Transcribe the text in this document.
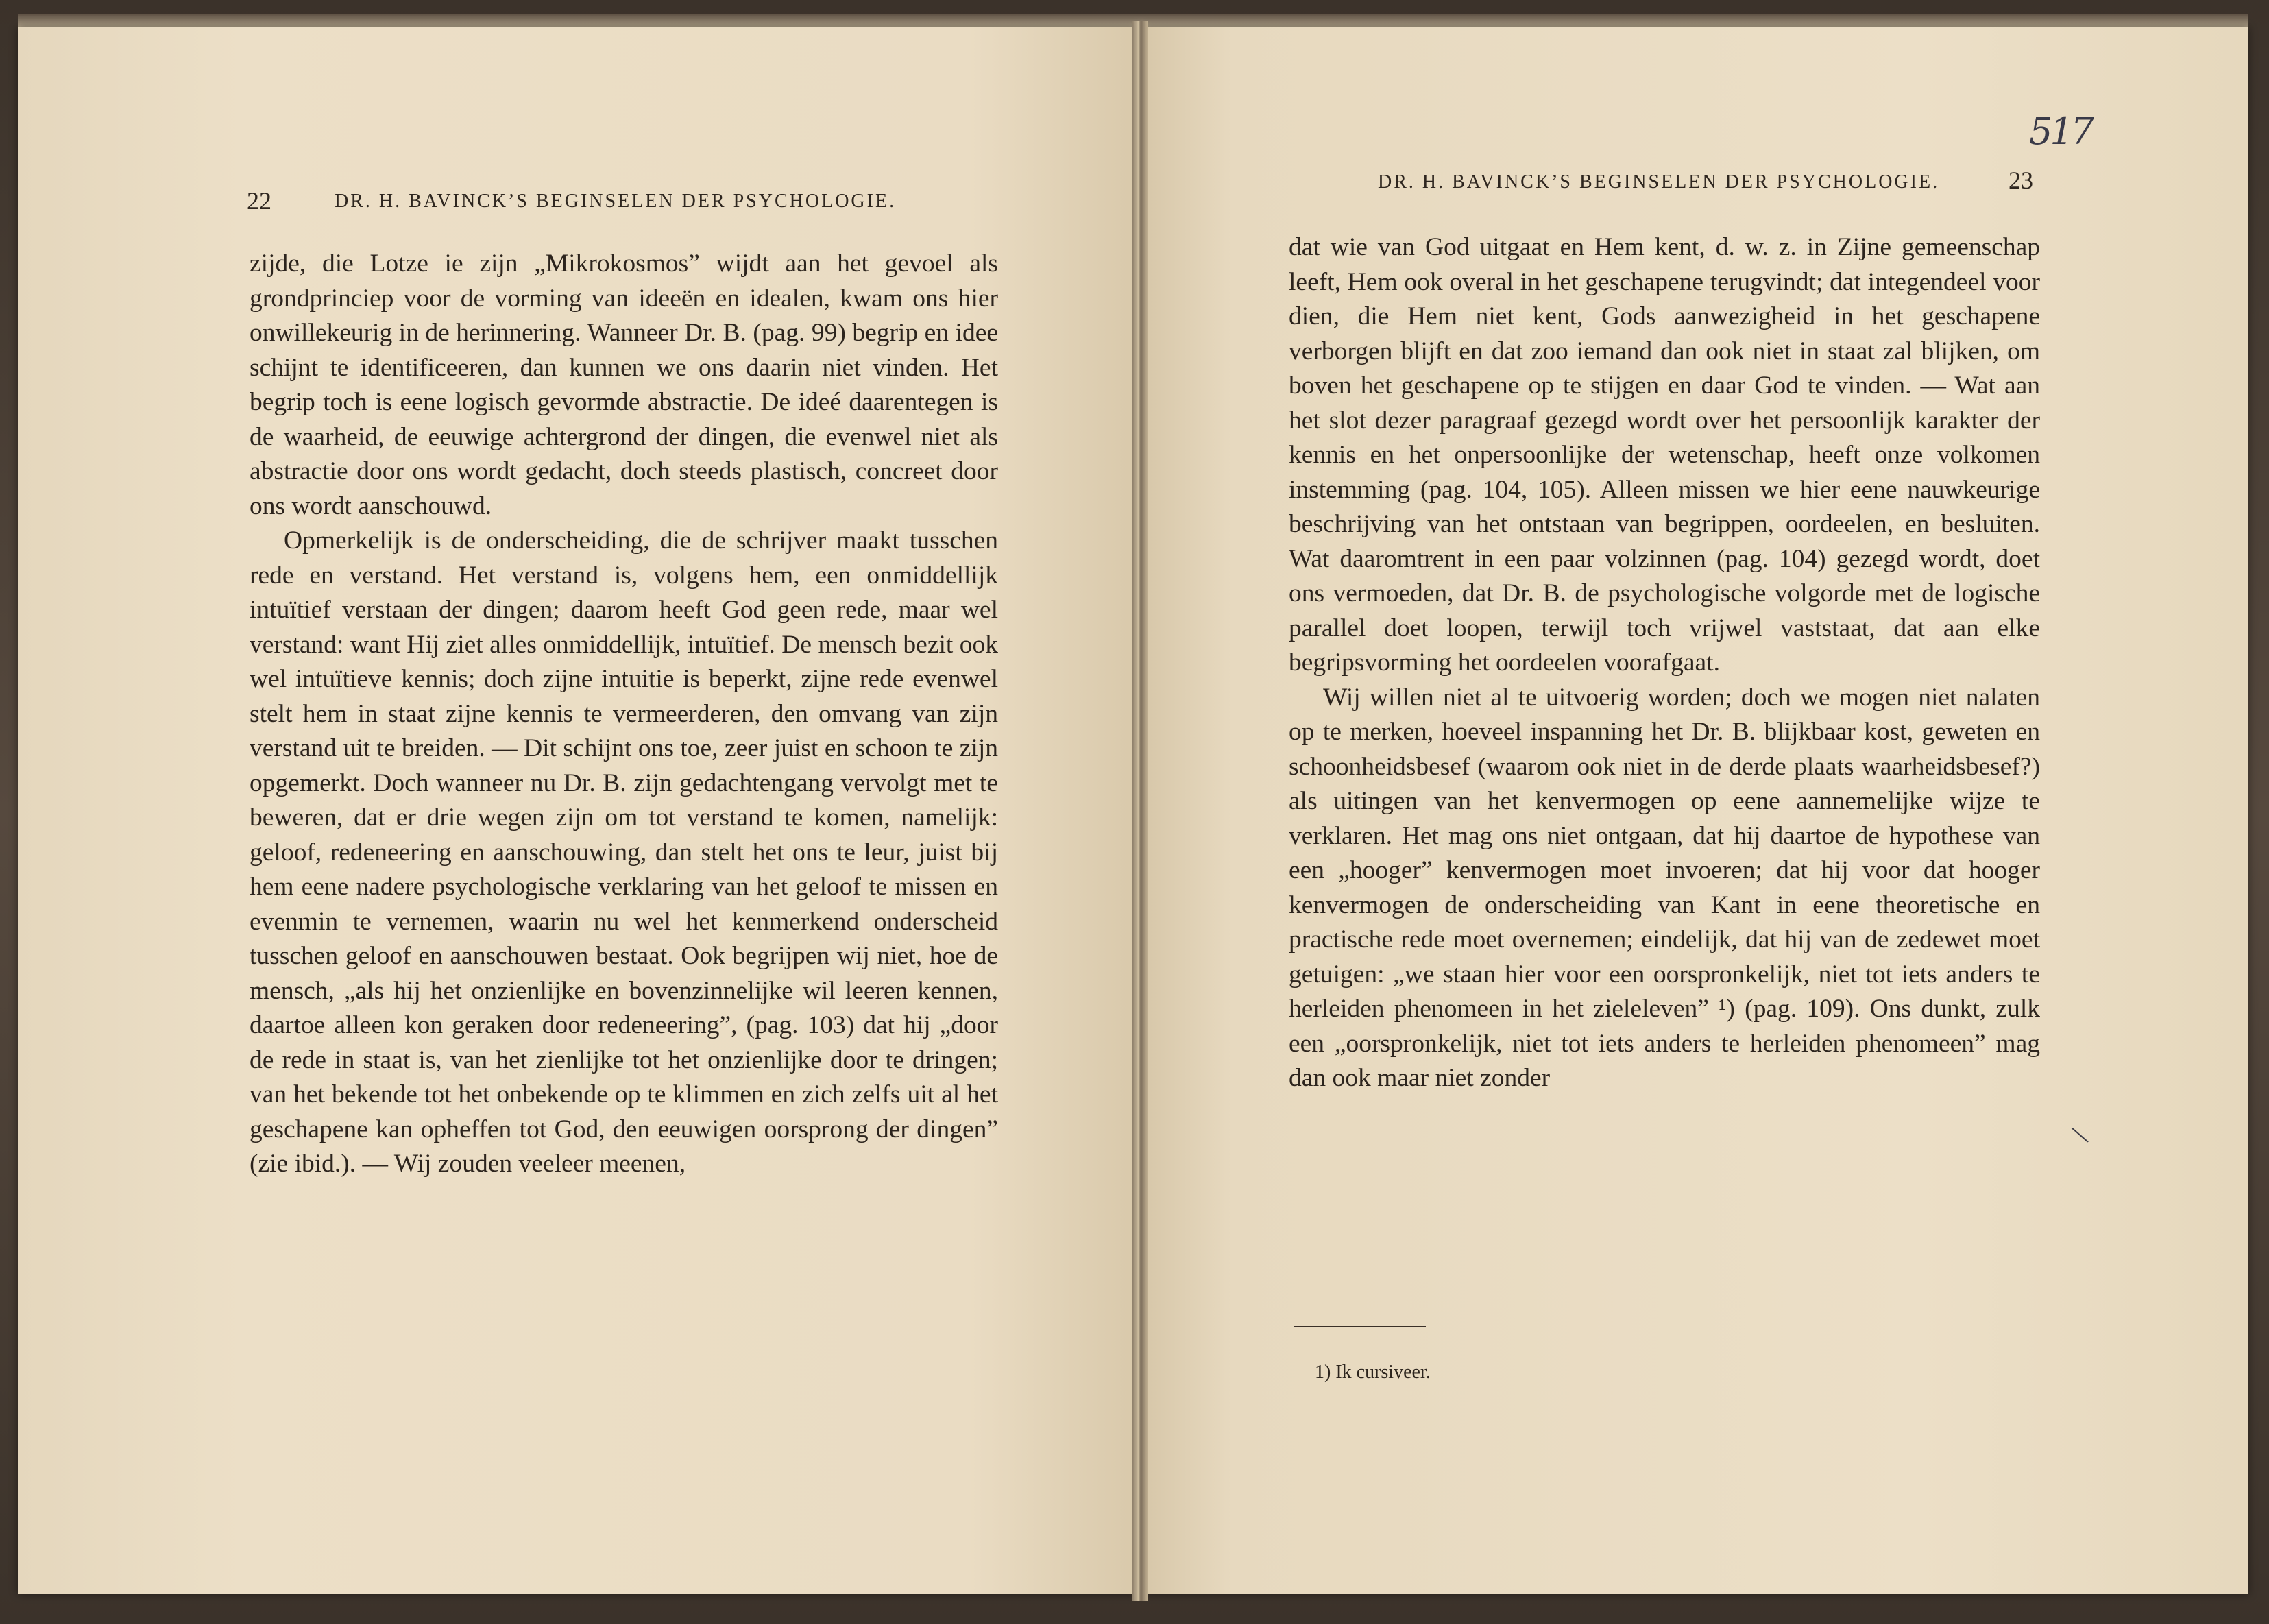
22	DR. H. BAVINCK’S BEGINSELEN DER PSYCHOLOGIE.

zijde, die Lotze ie zijn „Mikrokosmos” wijdt aan het gevoel als grondprinciep voor de vorming van ideeën en idealen, kwam ons hier onwillekeurig in de herinnering. Wanneer Dr. B. (pag. 99) begrip en idee schijnt te identificeeren, dan kunnen we ons daarin niet vinden. Het begrip toch is eene logisch gevormde abstractie. De ideé daarentegen is de waarheid, de eeuwige achtergrond der dingen, die evenwel niet als abstractie door ons wordt gedacht, doch steeds plastisch, concreet door ons wordt aanschouwd.

Opmerkelijk is de onderscheiding, die de schrijver maakt tusschen rede en verstand. Het verstand is, volgens hem, een onmiddellijk intuïtief verstaan der dingen; daarom heeft God geen rede, maar wel verstand: want Hij ziet alles onmiddellijk, intuïtief. De mensch bezit ook wel intuïtieve kennis; doch zijne intuitie is beperkt, zijne rede evenwel stelt hem in staat zijne kennis te vermeerderen, den omvang van zijn verstand uit te breiden. — Dit schijnt ons toe, zeer juist en schoon te zijn opgemerkt. Doch wanneer nu Dr. B. zijn gedachtengang vervolgt met te beweren, dat er drie wegen zijn om tot verstand te komen, namelijk: geloof, redeneering en aanschouwing, dan stelt het ons te leur, juist bij hem eene nadere psychologische verklaring van het geloof te missen en evenmin te vernemen, waarin nu wel het kenmerkend onderscheid tusschen geloof en aanschouwen bestaat. Ook begrijpen wij niet, hoe de mensch, „als hij het onzienlijke en bovenzinnelijke wil leeren kennen, daartoe alleen kon geraken door redeneering”, (pag. 103) dat hij „door de rede in staat is, van het zienlijke tot het onzienlijke door te dringen; van het bekende tot het onbekende op te klimmen en zich zelfs uit al het geschapene kan opheffen tot God, den eeuwigen oorsprong der dingen” (zie ibid.). — Wij zouden veeleer meenen,

517
DR. H. BAVINCK’S BEGINSELEN DER PSYCHOLOGIE.	23

dat wie van God uitgaat en Hem kent, d. w. z. in Zijne gemeenschap leeft, Hem ook overal in het geschapene terugvindt; dat integendeel voor dien, die Hem niet kent, Gods aanwezigheid in het geschapene verborgen blijft en dat zoo iemand dan ook niet in staat zal blijken, om boven het geschapene op te stijgen en daar God te vinden. — Wat aan het slot dezer paragraaf gezegd wordt over het persoonlijk karakter der kennis en het onpersoonlijke der wetenschap, heeft onze volkomen instemming (pag. 104, 105). Alleen missen we hier eene nauwkeurige beschrijving van het ontstaan van begrippen, oordeelen, en besluiten. Wat daaromtrent in een paar volzinnen (pag. 104) gezegd wordt, doet ons vermoeden, dat Dr. B. de psychologische volgorde met de logische parallel doet loopen, terwijl toch vrijwel vaststaat, dat aan elke begripsvorming het oordeelen voorafgaat.

Wij willen niet al te uitvoerig worden; doch we mogen niet nalaten op te merken, hoeveel inspanning het Dr. B. blijkbaar kost, geweten en schoonheidsbesef (waarom ook niet in de derde plaats waarheidsbesef?) als uitingen van het kenvermogen op eene aannemelijke wijze te verklaren. Het mag ons niet ontgaan, dat hij daartoe de hypothese van een „hooger” kenvermogen moet invoeren; dat hij voor dat hooger kenvermogen de onderscheiding van Kant in eene theoretische en practische rede moet overnemen; eindelijk, dat hij van de zedewet moet getuigen: „we staan hier voor een oorspronkelijk, niet tot iets anders te herleiden phenomeen in het zieleleven” ¹) (pag. 109). Ons dunkt, zulk een „oorspronkelijk, niet tot iets anders te herleiden phenomeen” mag dan ook maar niet zonder

1) Ik cursiveer.
\
